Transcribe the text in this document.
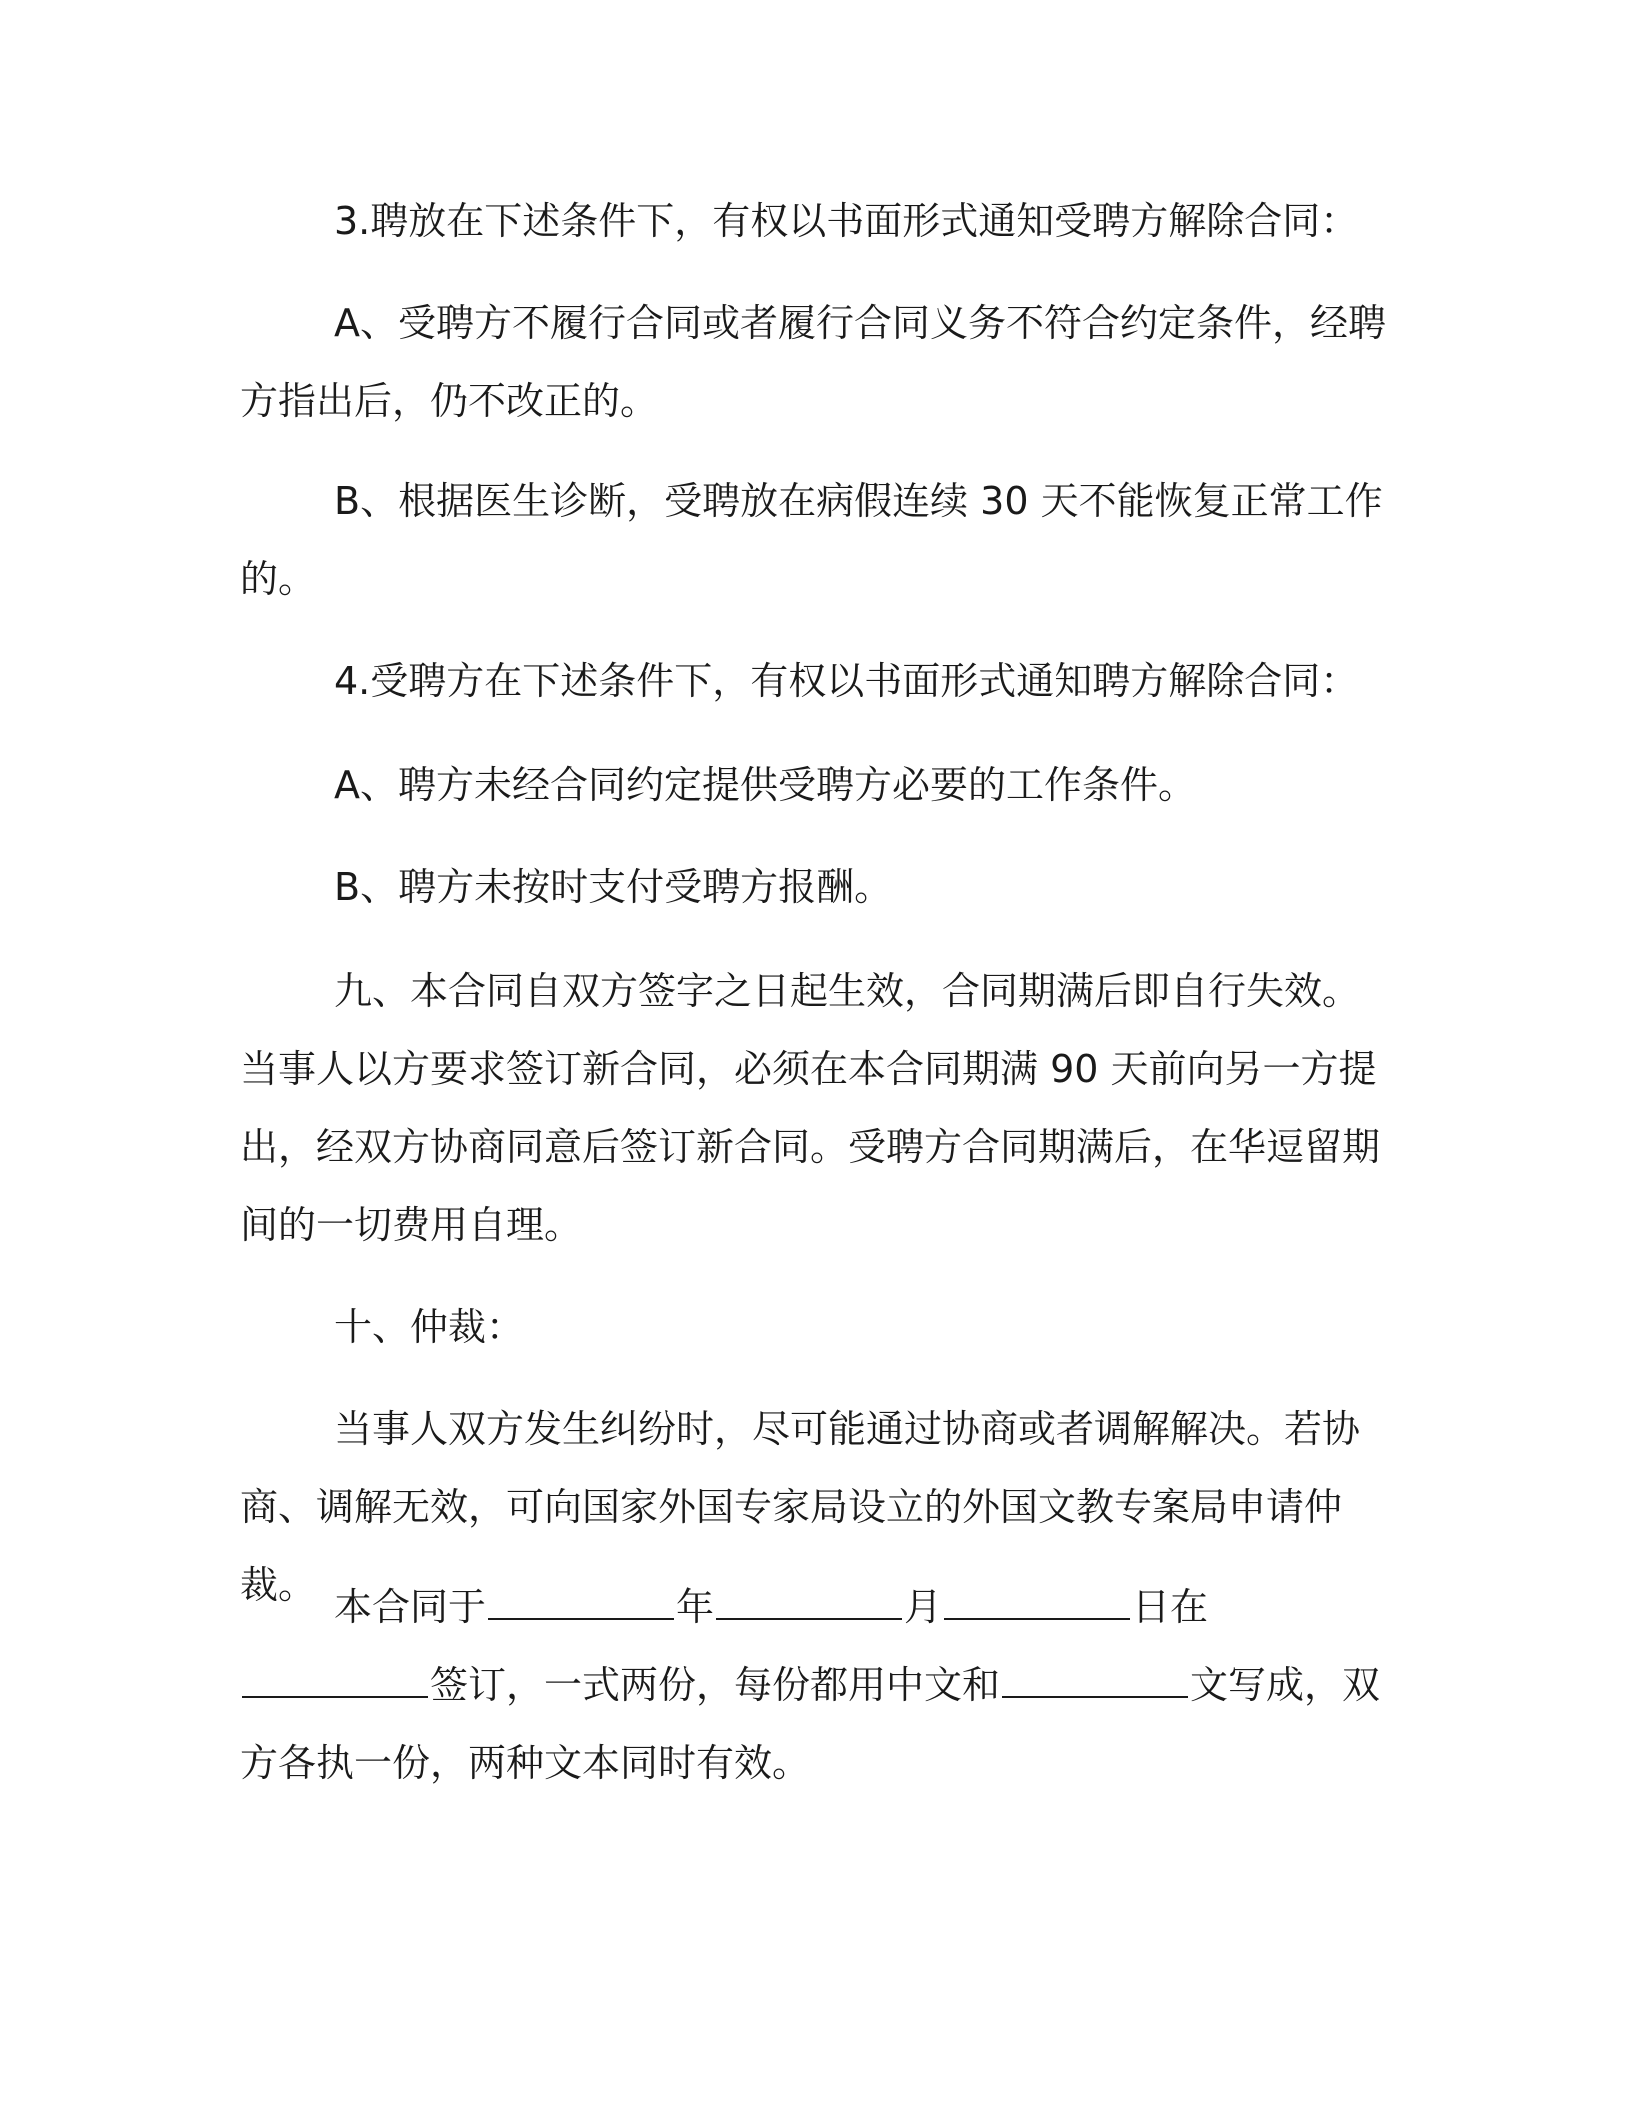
3.聘放在下述条件下，有权以书面形式通知受聘方解除合同：

A、受聘方不履行合同或者履行合同义务不符合约定条件，经聘方指出后，仍不改正的。

B、根据医生诊断，受聘放在病假连续 30 天不能恢复正常工作的。

4.受聘方在下述条件下，有权以书面形式通知聘方解除合同：

A、聘方未经合同约定提供受聘方必要的工作条件。

B、聘方未按时支付受聘方报酬。

九、本合同自双方签字之日起生效，合同期满后即自行失效。当事人以方要求签订新合同，必须在本合同期满 90 天前向另一方提出，经双方协商同意后签订新合同。受聘方合同期满后，在华逗留期间的一切费用自理。

十、仲裁：

当事人双方发生纠纷时，尽可能通过协商或者调解解决。若协商、调解无效，可向国家外国专家局设立的外国文教专案局申请仲裁。 本合同于	年	月	日在签订，一式两份，每份都用中文和	文写成，双方各执一份，两种文本同时有效。
